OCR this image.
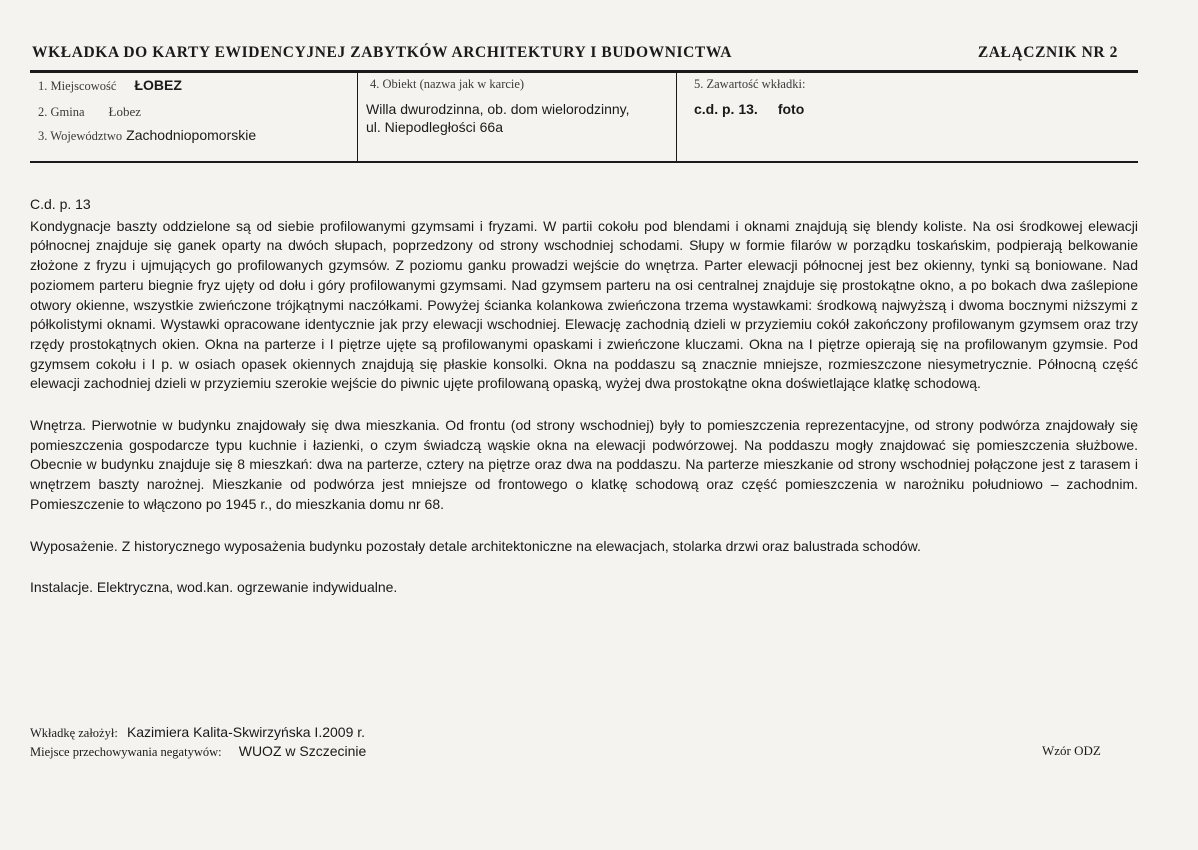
WKŁADKA DO KARTY EWIDENCYJNEJ ZABYTKÓW ARCHITEKTURY I BUDOWNICTWA	ZAŁĄCZNIK NR 2
1. Miejscowość ŁOBEZ
2. Gmina Łobez
3. Województwo Zachodniopomorskie
4. Obiekt (nazwa jak w karcie)
Willa dwurodzinna, ob. dom wielorodzinny,
ul. Niepodległości 66a
5. Zawartość wkładki:
c.d. p. 13. foto
C.d. p. 13

Kondygnacje baszty oddzielone są od siebie profilowanymi gzymsami i fryzami. W partii cokołu pod blendami i oknami znajdują się blendy koliste. Na osi środkowej elewacji północnej znajduje się ganek oparty na dwóch słupach, poprzedzony od strony wschodniej schodami. Słupy w formie filarów w porządku toskańskim, podpierają belkowanie złożone z fryzu i ujmujących go profilowanych gzymsów. Z poziomu ganku prowadzi wejście do wnętrza. Parter elewacji północnej jest bez okienny, tynki są boniowane. Nad poziomem parteru biegnie fryz ujęty od dołu i góry profilowanymi gzymsami. Nad gzymsem parteru na osi centralnej znajduje się prostokątne okno, a po bokach dwa zaślepione otwory okienne, wszystkie zwieńczone trójkątnymi naczółkami. Powyżej ścianka kolankowa zwieńczona trzema wystawkami: środkową najwyższą i dwoma bocznymi niższymi z półkolistymi oknami. Wystawki opracowane identycznie jak przy elewacji wschodniej. Elewację zachodnią dzieli w przyziemiu cokół zakończony profilowanym gzymsem oraz trzy rzędy prostokątnych okien. Okna na parterze i I piętrze ujęte są profilowanymi opaskami i zwieńczone kluczami. Okna na I piętrze opierają się na profilowanym gzymsie. Pod gzymsem cokołu i I p. w osiach opasek okiennych znajdują się płaskie konsolki. Okna na poddaszu są znacznie mniejsze, rozmieszczone niesymetrycznie. Północną część elewacji zachodniej dzieli w przyziemiu szerokie wejście do piwnic ujęte profilowaną opaską, wyżej dwa prostokątne okna doświetlające klatkę schodową.

Wnętrza. Pierwotnie w budynku znajdowały się dwa mieszkania. Od frontu (od strony wschodniej) były to pomieszczenia reprezentacyjne, od strony podwórza znajdowały się pomieszczenia gospodarcze typu kuchnie i łazienki, o czym świadczą wąskie okna na elewacji podwórzowej. Na poddaszu mogły znajdować się pomieszczenia służbowe. Obecnie w budynku znajduje się 8 mieszkań: dwa na parterze, cztery na piętrze oraz dwa na poddaszu. Na parterze mieszkanie od strony wschodniej połączone jest z tarasem i wnętrzem baszty narożnej. Mieszkanie od podwórza jest mniejsze od frontowego o klatkę schodową oraz część pomieszczenia w narożniku południowo – zachodnim. Pomieszczenie to włączono po 1945 r., do mieszkania domu nr 68.

Wyposażenie. Z historycznego wyposażenia budynku pozostały detale architektoniczne na elewacjach, stolarka drzwi oraz balustrada schodów.

Instalacje. Elektryczna, wod.kan. ogrzewanie indywidualne.

Wkładkę założył: Kazimiera Kalita-Skwirzyńska I.2009 r.
Miejsce przechowywania negatywów: WUOZ w Szczecinie	Wzór ODZ
